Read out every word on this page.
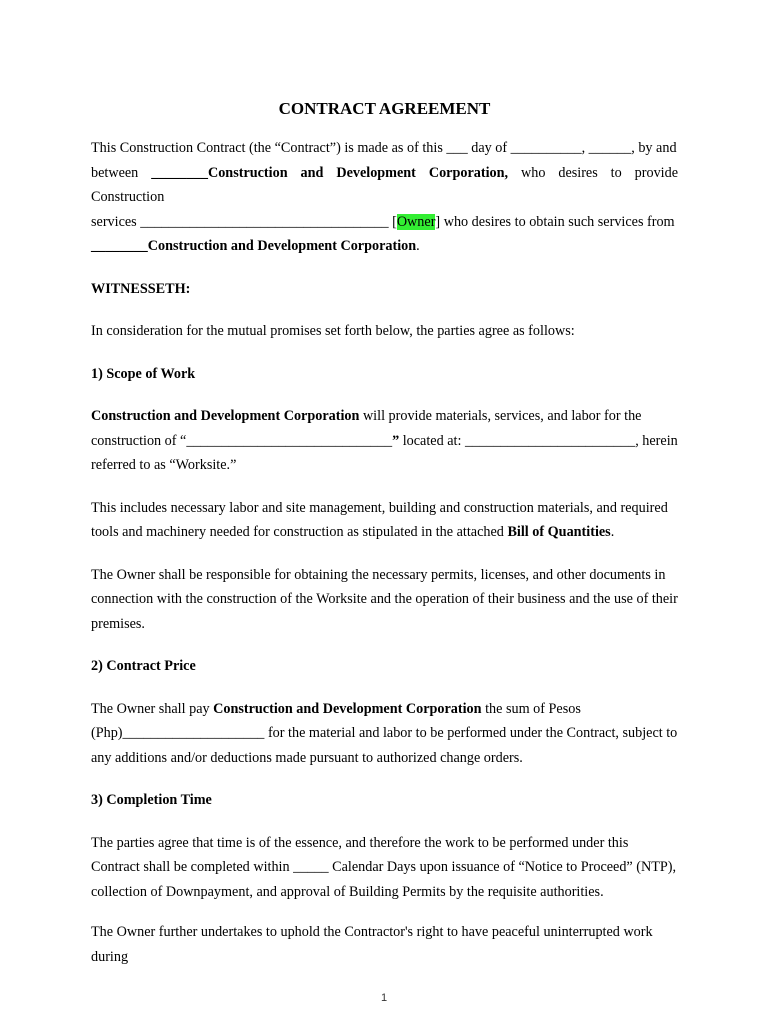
CONTRACT AGREEMENT

This Construction Contract (the “Contract”) is made as of this ___ day of __________, ______, by and

between ________Construction and Development Corporation, who desires to provide Construction

services ___________________________________ [Owner] who desires to obtain such services from

________Construction and Development Corporation.

WITNESSETH:

In consideration for the mutual promises set forth below, the parties agree as follows:

1) Scope of Work

Construction and Development Corporation will provide materials, services, and labor for the

construction of “_____________________________” located at: ________________________, herein

referred to as “Worksite.”

This includes necessary labor and site management, building and construction materials, and required
tools and machinery needed for construction as stipulated in the attached Bill of Quantities.

The Owner shall be responsible for obtaining the necessary permits, licenses, and other documents in connection with the construction of the Worksite and the operation of their business and the use of their premises.

2) Contract Price

The Owner shall pay Construction and Development Corporation the sum of Pesos

(Php)____________________ for the material and labor to be performed under the Contract, subject to

any additions and/or deductions made pursuant to authorized change orders.

3) Completion Time

The parties agree that time is of the essence, and therefore the work to be performed under this Contract shall be completed within _____ Calendar Days upon issuance of “Notice to Proceed” (NTP), collection of Downpayment, and approval of Building Permits by the requisite authorities.

The Owner further undertakes to uphold the Contractor's right to have peaceful uninterrupted work during

1
